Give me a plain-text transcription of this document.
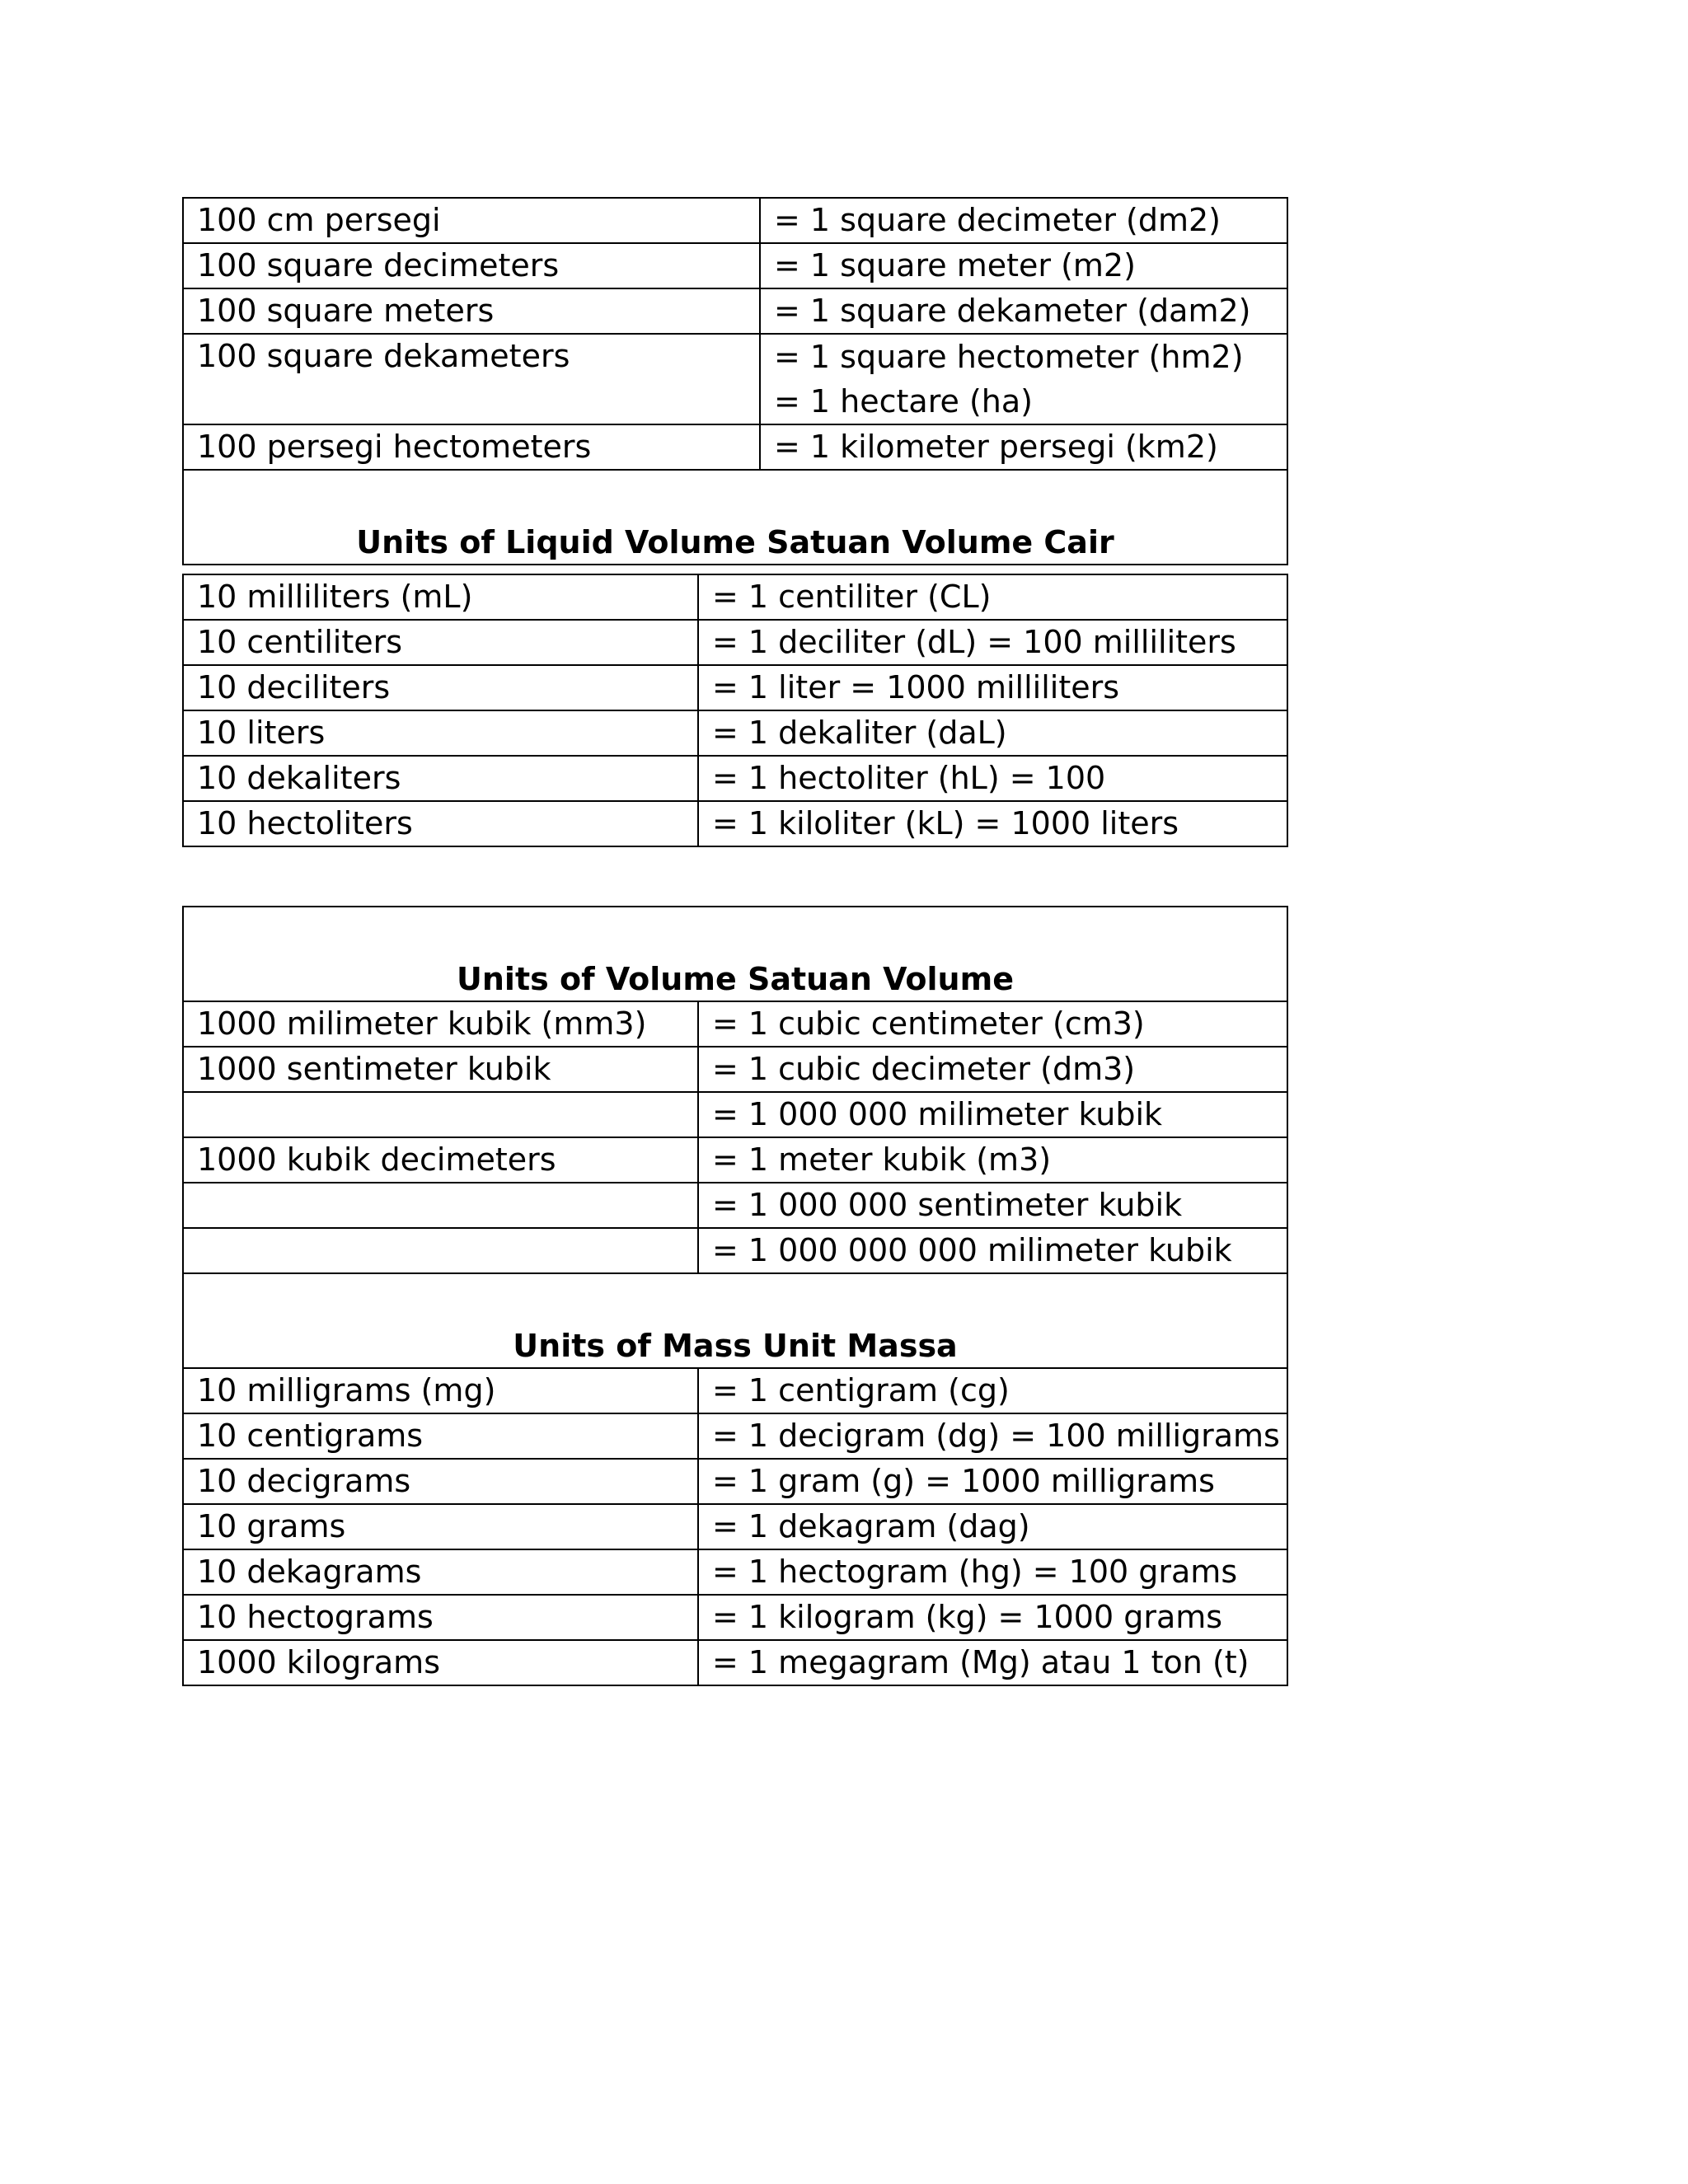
100 cm persegi	= 1 square decimeter (dm2)
100 square decimeters	= 1 square meter (m2)
100 square meters	= 1 square dekameter (dam2)
100 square dekameters	= 1 square hectometer (hm2) = 1 hectare (ha)
100 persegi hectometers	= 1 kilometer persegi (km2)
Units of Liquid Volume Satuan Volume Cair	
10 milliliters (mL)	= 1 centiliter (CL)
10 centiliters	= 1 deciliter (dL) = 100 milliliters
10 deciliters	= 1 liter = 1000 milliliters
10 liters	= 1 dekaliter (daL)
10 dekaliters	= 1 hectoliter (hL) = 100
10 hectoliters	= 1 kiloliter (kL) = 1000 liters
Units of Volume Satuan Volume	
1000 milimeter kubik (mm3)	= 1 cubic centimeter (cm3)
1000 sentimeter kubik	= 1 cubic decimeter (dm3)
	= 1 000 000 milimeter kubik
1000 kubik decimeters	= 1 meter kubik (m3)
	= 1 000 000 sentimeter kubik
	= 1 000 000 000 milimeter kubik
Units of Mass Unit Massa	
10 milligrams (mg)	= 1 centigram (cg)
10 centigrams	= 1 decigram (dg) = 100 milligrams
10 decigrams	= 1 gram (g) = 1000 milligrams
10 grams	= 1 dekagram (dag)
10 dekagrams	= 1 hectogram (hg) = 100 grams
10 hectograms	= 1 kilogram (kg) = 1000 grams
1000 kilograms	= 1 megagram (Mg) atau 1 ton (t)
